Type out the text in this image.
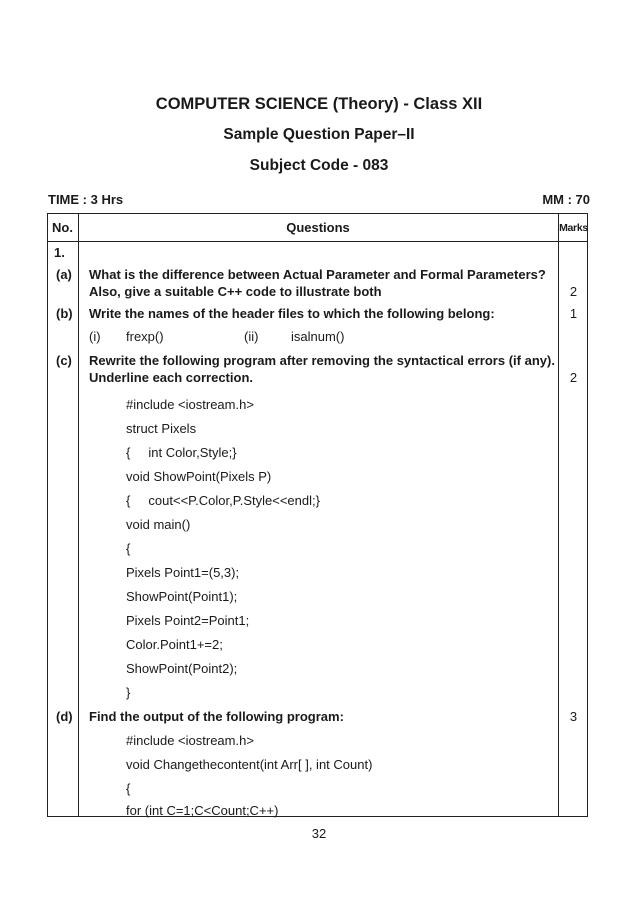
COMPUTER SCIENCE (Theory) - Class XII
Sample Question Paper–II
Subject Code - 083
TIME : 3 Hrs	MM : 70
No.	Questions	Marks
1.
(a) What is the difference between Actual Parameter and Formal Parameters?
Also, give a suitable C++ code to illustrate both	2
(b) Write the names of the header files to which the following belong:	1
(i) frexp()	(ii)	isalnum()
(c) Rewrite the following program after removing the syntactical errors (if any).
Underline each correction.	2
#include <iostream.h>
struct Pixels
{     int Color,Style;}
void ShowPoint(Pixels P)
{     cout<<P.Color,P.Style<<endl;}
void main()
{
Pixels Point1=(5,3);
ShowPoint(Point1);
Pixels Point2=Point1;
Color.Point1+=2;
ShowPoint(Point2);
}
(d) Find the output of the following program:	3
#include <iostream.h>
void Changethecontent(int Arr[ ], int Count)
{
for (int C=1;C<Count;C++)
32
